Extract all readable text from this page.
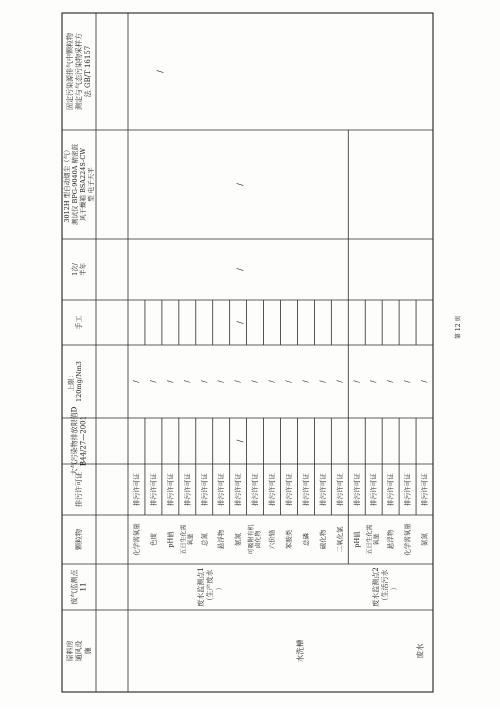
固定污染源排气中颗粒物 测定与气态污染物采样方 法 GB/T 16157
3012H 型自动烟尘（气） 测试仪 BPG-9040A 精密鼓 风干燥箱 BSA224S-CW 型 电子天平
1次/ 半年
手工
上限： 120mg/Nm3
大气污染物排放限值D B44/27—2001
排污许可证
颗粒物
废气监测点 11
原料房 通风设 施
化学需氧量
排污许可证
/
色度
排污许可证
/
pH值
排污许可证
/
五日生化需 氧量
排污许可证
/
总氮
排污许可证
/
悬浮物
排污许可证
/
氨氮
排污许可证
/
可吸附有机 卤化物
排污许可证
/
六价铬
排污许可证
/
苯胺类
排污许可证
/
总磷
排污许可证
/
硫化物
排污许可证
/
二氧化氯
排污许可证
/
pH值
排污许可证
/
五日生化需 氧量
排污许可证
/
悬浮物
排污许可证
/
化学需氧量
排污许可证
/
氨氮
排污许可证
/
/
/
/
/
/
废水监测点1 （生产废水 ）	废水监测点2 （生活污水 ）
水洗槽	废水
第 12 页
